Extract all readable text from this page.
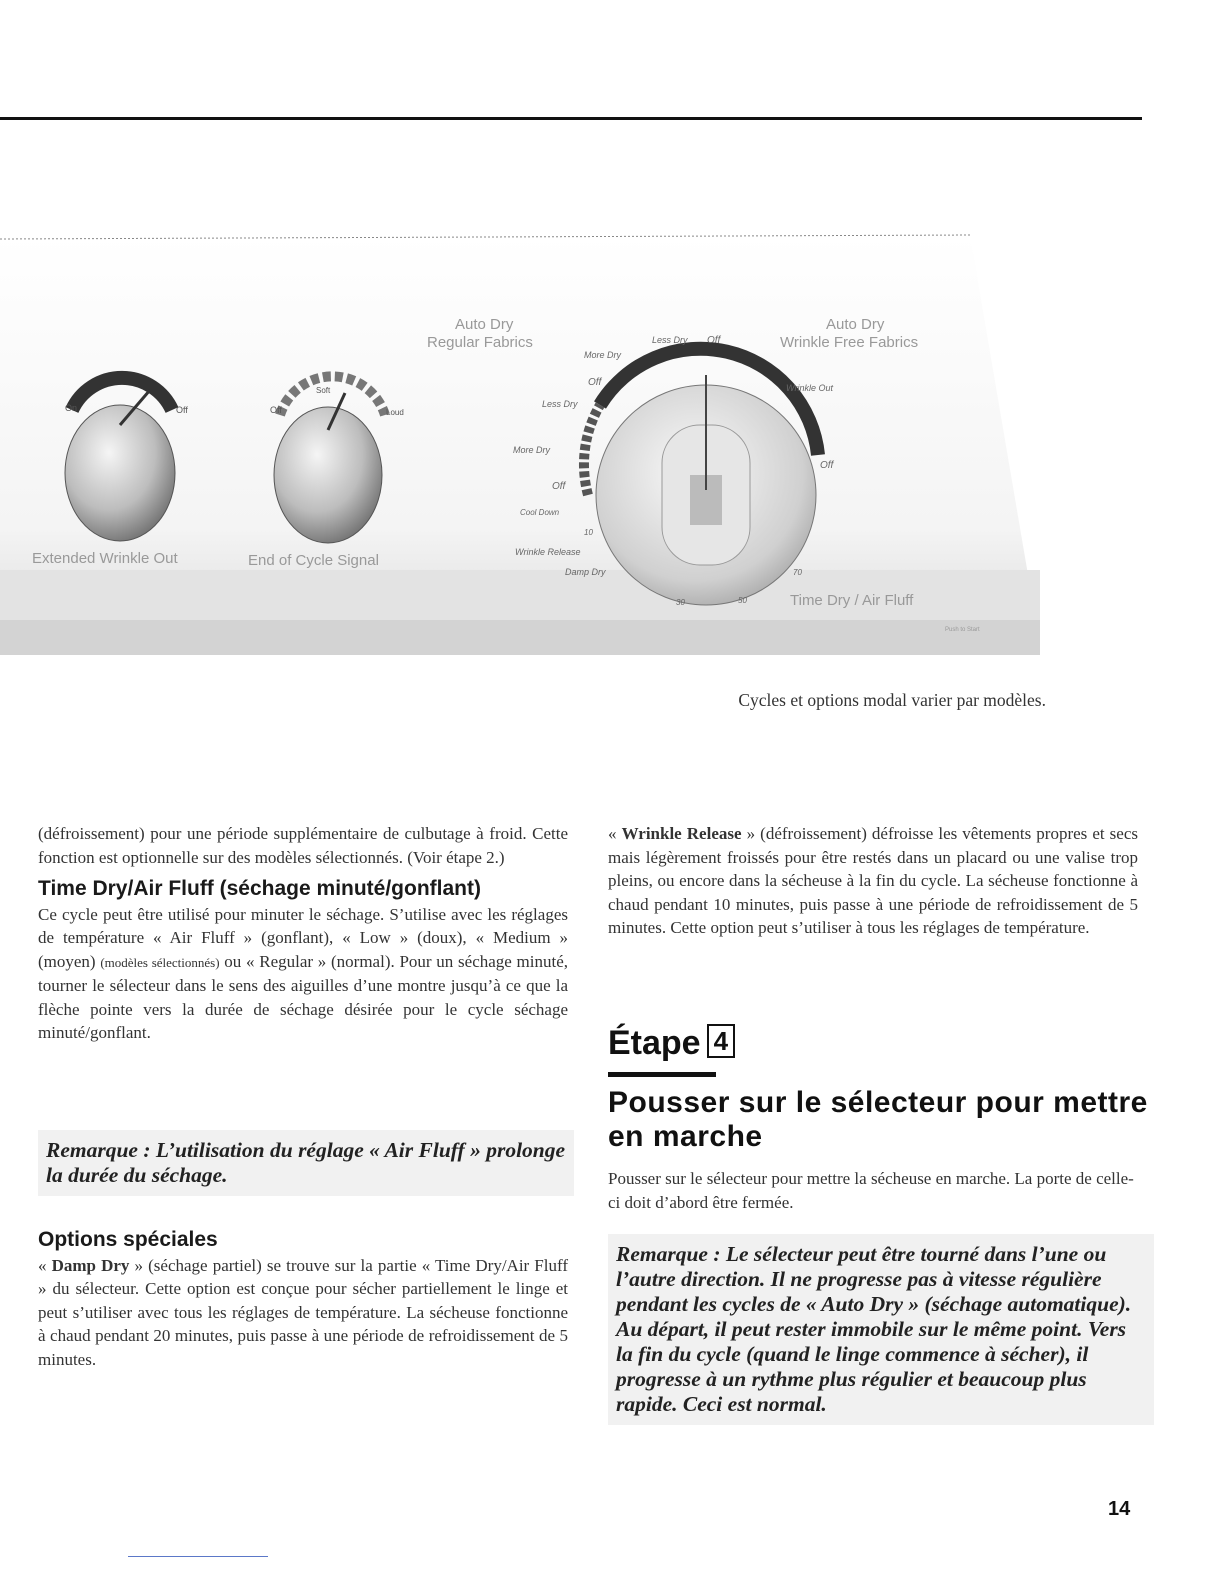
On	Off
Extended Wrinkle Out
Off
Soft
Loud
End of Cycle Signal
Auto Dry
Regular Fabrics
Auto Dry
Wrinkle Free Fabrics
More Dry
Less Dry Off
Off
Less Dry
More Dry
Off
Cool Down
10
Wrinkle Release
Damp Dry
Wrinkle Out
Off
30	50
70
Time Dry / Air Fluff
Push to Start
Cycles et options modal varier par modèles.

(défroissement) pour une période supplémentaire de culbutage à froid. Cette fonction est optionnelle sur des modèles sélectionnés. (Voir étape 2.)

Time Dry/Air Fluff (séchage minuté/gonflant)

Ce cycle peut être utilisé pour minuter le séchage. S’utilise avec les réglages de température « Air Fluff » (gonflant), « Low » (doux), « Medium » (moyen) (modèles sélectionnés) ou « Regular » (normal). Pour un séchage minuté, tourner le sélecteur dans le sens des aiguilles d’une montre jusqu’à ce que la flèche pointe vers la durée de séchage désirée pour le cycle séchage minuté/gonflant.

Remarque : L’utilisation du réglage « Air Fluff » prolonge la durée du séchage.
Options spéciales

« Damp Dry » (séchage partiel) se trouve sur la partie « Time Dry/Air Fluff » du sélecteur. Cette option est conçue pour sécher partiellement le linge et peut s’utiliser avec tous les réglages de température. La sécheuse fonctionne à chaud pendant 20 minutes, puis passe à une période de refroidissement de 5 minutes.

« Wrinkle Release » (défroissement) défroisse les vêtements propres et secs mais légèrement froissés pour être restés dans un placard ou une valise trop pleins, ou encore dans la sécheuse à la fin du cycle. La sécheuse fonctionne à chaud pendant 10 minutes, puis passe à une période de refroidissement de 5 minutes. Cette option peut s’utiliser à tous les réglages de température.

Étape 4
Pousser sur le sélecteur pour mettre en marche

Pousser sur le sélecteur pour mettre la sécheuse en marche. La porte de celle-ci doit d’abord être fermée.

Remarque : Le sélecteur peut être tourné dans l’une ou l’autre direction. Il ne progresse pas à vitesse régulière pendant les cycles de « Auto Dry » (séchage automatique). Au départ, il peut rester immobile sur le même point. Vers la fin du cycle (quand le linge commence à sécher), il progresse à un rythme plus régulier et beaucoup plus rapide. Ceci est normal.
14
